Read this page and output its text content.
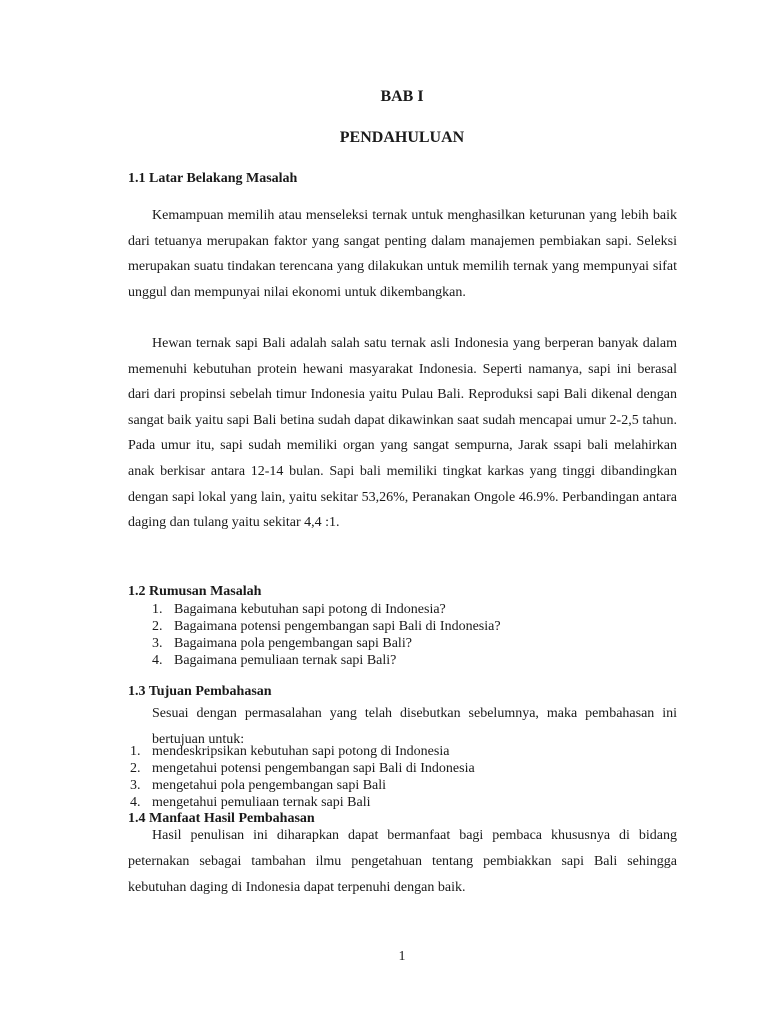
BAB I
PENDAHULUAN
1.1 Latar Belakang Masalah
Kemampuan memilih atau menseleksi ternak untuk menghasilkan keturunan yang lebih baik dari tetuanya merupakan faktor yang sangat penting dalam manajemen pembiakan sapi. Seleksi merupakan suatu tindakan terencana yang dilakukan untuk memilih ternak yang mempunyai sifat unggul dan mempunyai nilai ekonomi untuk dikembangkan.
Hewan ternak sapi Bali adalah salah satu ternak asli Indonesia yang berperan banyak dalam memenuhi kebutuhan protein hewani masyarakat Indonesia. Seperti namanya, sapi ini berasal dari dari propinsi sebelah timur Indonesia yaitu Pulau Bali. Reproduksi sapi Bali dikenal dengan sangat baik yaitu sapi Bali betina sudah dapat dikawinkan saat sudah mencapai umur 2-2,5 tahun. Pada umur itu, sapi sudah memiliki organ yang sangat sempurna, Jarak ssapi bali melahirkan anak berkisar antara 12-14 bulan. Sapi bali memiliki tingkat karkas yang tinggi dibandingkan dengan sapi lokal yang lain, yaitu sekitar 53,26%, Peranakan Ongole 46.9%. Perbandingan antara daging dan tulang yaitu sekitar 4,4 :1.
1.2 Rumusan Masalah
1. Bagaimana kebutuhan sapi potong di Indonesia?
2. Bagaimana potensi pengembangan sapi Bali di Indonesia?
3. Bagaimana pola pengembangan sapi Bali?
4. Bagaimana pemuliaan ternak sapi Bali?
1.3 Tujuan Pembahasan
Sesuai dengan permasalahan yang telah disebutkan sebelumnya, maka pembahasan ini bertujuan untuk:
1. mendeskripsikan kebutuhan sapi potong di Indonesia
2. mengetahui potensi pengembangan sapi Bali di Indonesia
3. mengetahui pola pengembangan sapi Bali
4. mengetahui pemuliaan ternak sapi Bali
1.4 Manfaat Hasil Pembahasan
Hasil penulisan ini diharapkan dapat bermanfaat bagi pembaca khususnya di bidang peternakan sebagai tambahan ilmu pengetahuan tentang pembiakkan sapi Bali sehingga kebutuhan daging di Indonesia dapat terpenuhi dengan baik.
1
